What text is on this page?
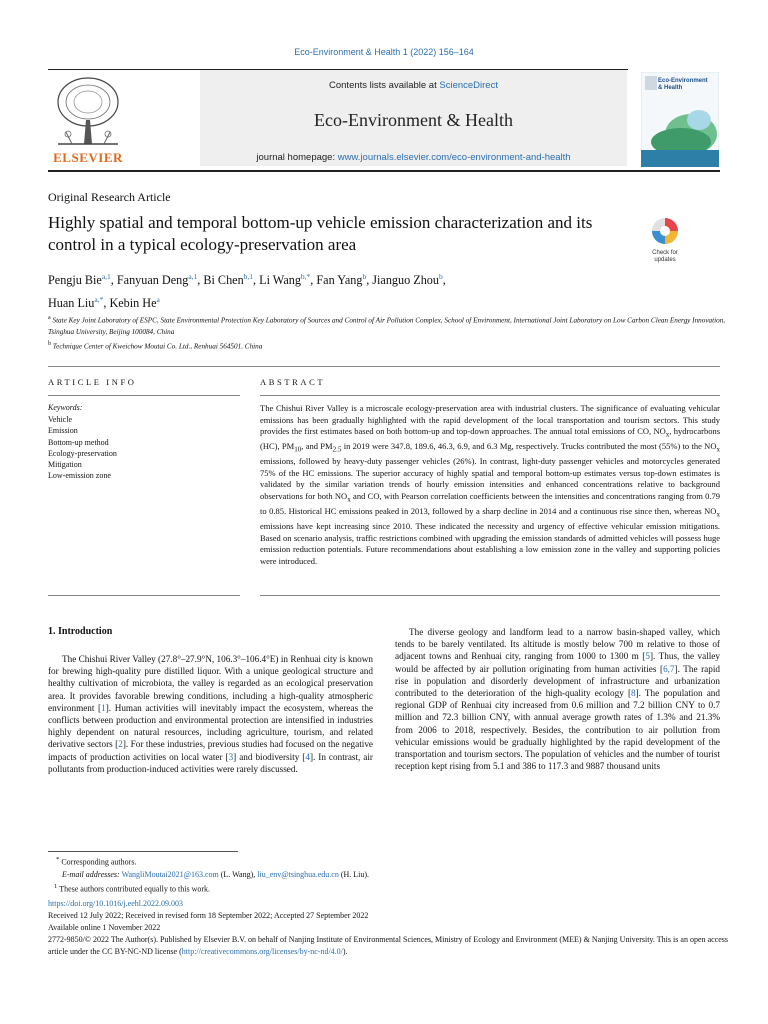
Eco-Environment & Health 1 (2022) 156–164
Contents lists available at ScienceDirect
Eco-Environment & Health
journal homepage: www.journals.elsevier.com/eco-environment-and-health
ELSEVIER
Eco-Environment
& Health
Original Research Article
Highly spatial and temporal bottom-up vehicle emission characterization and its control in a typical ecology-preservation area	Check for
updates
Pengju Bie$^{a,1}$, Fanyuan Deng$^{a,1}$, Bi Chen$^{b,1}$, Li Wang$^{b,*}$, Fan Yang$^b$, Jianguo Zhou$^b$,
Huan Liu$^{a,*}$, Kebin He$^a$
$^a$ State Key Joint Laboratory of ESPC, State Environmental Protection Key Laboratory of Sources and Control of Air Pollution Complex, School of Environment, International Joint Laboratory on Low Carbon Clean Energy Innovation, Tsinghua University, Beijing 100084, China
$^b$ Technique Center of Kweichow Moutai Co. Ltd., Renhuai 564501. China
ARTICLE INFO	ABSTRACT
Keywords:
Vehicle
Emission
Bottom-up method
Ecology-preservation
Mitigation
Low-emission zone
The Chishui River Valley is a microscale ecology-preservation area with industrial clusters. The significance of evaluating vehicular emissions has been gradually highlighted with the rapid development of the local transportation and tourism sectors. This study provides the first estimates based on both bottom-up and top-down approaches. The annual total emissions of CO, $NO_x$, hydrocarbons (HC), $PM_{10}$, and $PM_{2.5}$ in 2019 were 347.8, 189.6, 46.3, 6.9, and 6.3 Mg, respectively. Trucks contributed the most (55%) to the $NO_x$ emissions, followed by heavy-duty passenger vehicles (26%). In contrast, light-duty passenger vehicles and motorcycles generated 75% of the HC emissions. The superior accuracy of highly spatial and temporal bottom-up estimates versus top-down estimates is validated by the similar variation trends of hourly emission intensities and enhanced concentrations relative to background observations for both $NO_x$ and CO, with Pearson correlation coefficients between the intensities and concentrations ranging from 0.79 to 0.85. Historical HC emissions peaked in 2013, followed by a sharp decline in 2014 and a continuous rise since then, whereas $NO_x$ emissions have kept increasing since 2010. These indicated the necessity and urgency of effective vehicular emission mitigations. Based on scenario analysis, traffic restrictions combined with upgrading the emission standards of admitted vehicles will possess huge emission reduction potentials. Future recommendations about establishing a low emission zone in the valley and supporting policies were introduced.
1. Introduction
The Chishui River Valley (27.8°–27.9°N, 106.3°–106.4°E) in Renhuai city is known for brewing high-quality pure distilled liquor. With a unique geological structure and healthy cultivation of microbiota, the valley is regarded as an ecological preservation area. It provides favorable brewing conditions, including a high-quality atmospheric environment [1]. Human activities will inevitably impact the ecosystem, whereas the conflicts between production and environmental protection are intensified in industries highly dependent on natural resources, including agriculture, tourism, and related derivative sectors [2]. For these industries, previous studies had focused on the negative impacts of production activities on local water [3] and biodiversity [4]. In contrast, air pollutants from production-induced activities were rarely discussed.
The diverse geology and landform lead to a narrow basin-shaped valley, which tends to be barely ventilated. Its altitude is mostly below 700 m relative to those of adjacent towns and Renhuai city, ranging from 1000 to 1300 m [5]. Thus, the valley would be affected by air pollution originating from human activities [6,7]. The rapid rise in population and disorderly development of infrastructure and urbanization contributed to the deterioration of the high-quality ecology [8]. The population and regional GDP of Renhuai city increased from 0.6 million and 7.2 billion CNY to 0.7 million and 72.3 billion CNY, with annual average growth rates of 1.3% and 21.3% from 2006 to 2018, respectively. Besides, the contribution to air pollution from vehicular emissions would be gradually highlighted by the rapid development of the transportation and tourism sectors. The population of vehicles and the number of tourist reception kept rising from 5.1 and 386 to 117.3 and 9887 thousand units
* Corresponding authors.
E-mail addresses: WangliMoutai2021@163.com (L. Wang), liu_env@tsinghua.edu.cn (H. Liu).
$^1$ These authors contributed equally to this work.
https://doi.org/10.1016/j.eehl.2022.09.003
Received 12 July 2022; Received in revised form 18 September 2022; Accepted 27 September 2022
Available online 1 November 2022
2772-9850/© 2022 The Author(s). Published by Elsevier B.V. on behalf of Nanjing Institute of Environmental Sciences, Ministry of Ecology and Environment (MEE) & Nanjing University. This is an open access article under the CC BY-NC-ND license (http://creativecommons.org/licenses/by-nc-nd/4.0/).
